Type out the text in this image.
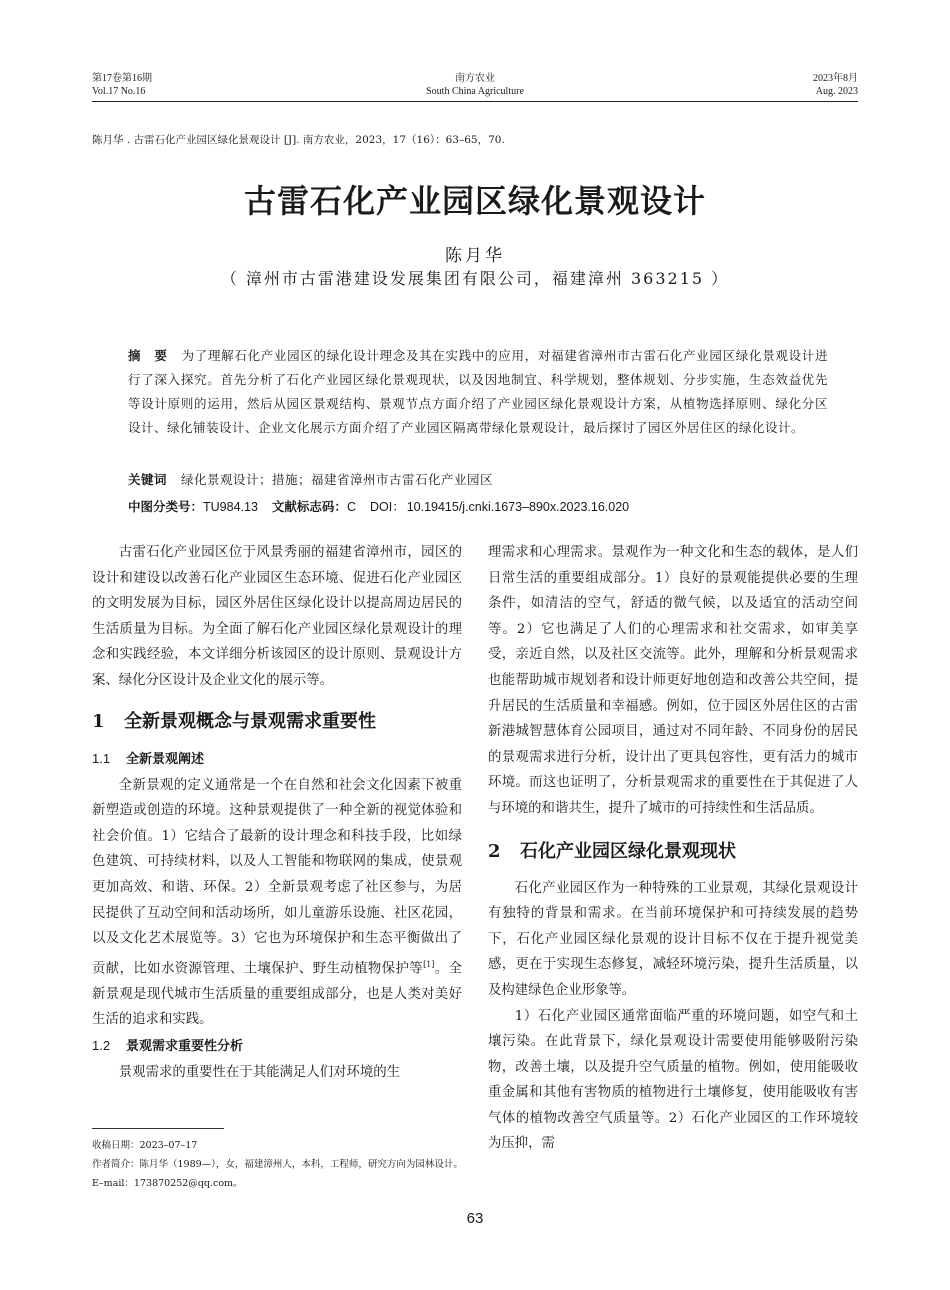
第17卷第16期
Vol.17 No.16
南方农业
South China Agriculture
2023年8月
Aug. 2023
陈月华 . 古雷石化产业园区绿化景观设计 [J]. 南方农业，2023，17（16）：63–65，70.
古雷石化产业园区绿化景观设计
陈月华
（ 漳州市古雷港建设发展集团有限公司，福建漳州 363215 ）
摘　要 为了理解石化产业园区的绿化设计理念及其在实践中的应用，对福建省漳州市古雷石化产业园区绿化景观设计进行了深入探究。首先分析了石化产业园区绿化景观现状，以及因地制宜、科学规划，整体规划、分步实施，生态效益优先等设计原则的运用，然后从园区景观结构、景观节点方面介绍了产业园区绿化景观设计方案，从植物选择原则、绿化分区设计、绿化铺装设计、企业文化展示方面介绍了产业园区隔离带绿化景观设计，最后探讨了园区外居住区的绿化设计。
关键词 绿化景观设计；措施；福建省漳州市古雷石化产业园区
中图分类号：TU984.13 文献标志码：C DOI： 10.19415/j.cnki.1673–890x.2023.16.020

古雷石化产业园区位于风景秀丽的福建省漳州市，园区的设计和建设以改善石化产业园区生态环境、促进石化产业园区的文明发展为目标，园区外居住区绿化设计以提高周边居民的生活质量为目标。为全面了解石化产业园区绿化景观设计的理念和实践经验，本文详细分析该园区的设计原则、景观设计方案、绿化分区设计及企业文化的展示等。

1 全新景观概念与景观需求重要性
1.1 全新景观阐述

全新景观的定义通常是一个在自然和社会文化因素下被重新塑造或创造的环境。这种景观提供了一种全新的视觉体验和社会价值。1）它结合了最新的设计理念和科技手段，比如绿色建筑、可持续材料，以及人工智能和物联网的集成，使景观更加高效、和谐、环保。2）全新景观考虑了社区参与，为居民提供了互动空间和活动场所，如儿童游乐设施、社区花园，以及文化艺术展览等。3）它也为环境保护和生态平衡做出了贡献，比如水资源管理、土壤保护、野生动植物保护等[1]。全新景观是现代城市生活质量的重要组成部分，也是人类对美好生活的追求和实践。

1.2 景观需求重要性分析

景观需求的重要性在于其能满足人们对环境的生

理需求和心理需求。景观作为一种文化和生态的载体，是人们日常生活的重要组成部分。1）良好的景观能提供必要的生理条件，如清洁的空气，舒适的微气候，以及适宜的活动空间等。2）它也满足了人们的心理需求和社交需求，如审美享受，亲近自然，以及社区交流等。此外，理解和分析景观需求也能帮助城市规划者和设计师更好地创造和改善公共空间，提升居民的生活质量和幸福感。例如，位于园区外居住区的古雷新港城智慧体育公园项目，通过对不同年龄、不同身份的居民的景观需求进行分析，设计出了更具包容性，更有活力的城市环境。而这也证明了，分析景观需求的重要性在于其促进了人与环境的和谐共生，提升了城市的可持续性和生活品质。

2 石化产业园区绿化景观现状

石化产业园区作为一种特殊的工业景观，其绿化景观设计有独特的背景和需求。在当前环境保护和可持续发展的趋势下，石化产业园区绿化景观的设计目标不仅在于提升视觉美感，更在于实现生态修复，减轻环境污染，提升生活质量，以及构建绿色企业形象等。

1）石化产业园区通常面临严重的环境问题，如空气和土壤污染。在此背景下，绿化景观设计需要使用能够吸附污染物，改善土壤，以及提升空气质量的植物。例如，使用能吸收重金属和其他有害物质的植物进行土壤修复，使用能吸收有害气体的植物改善空气质量等。2）石化产业园区的工作环境较为压抑，需

收稿日期：2023–07–17
作者简介：陈月华（1989—），女，福建漳州人，本科，工程师，研究方向为园林设计。E–mail：173870252@qq.com。
63
